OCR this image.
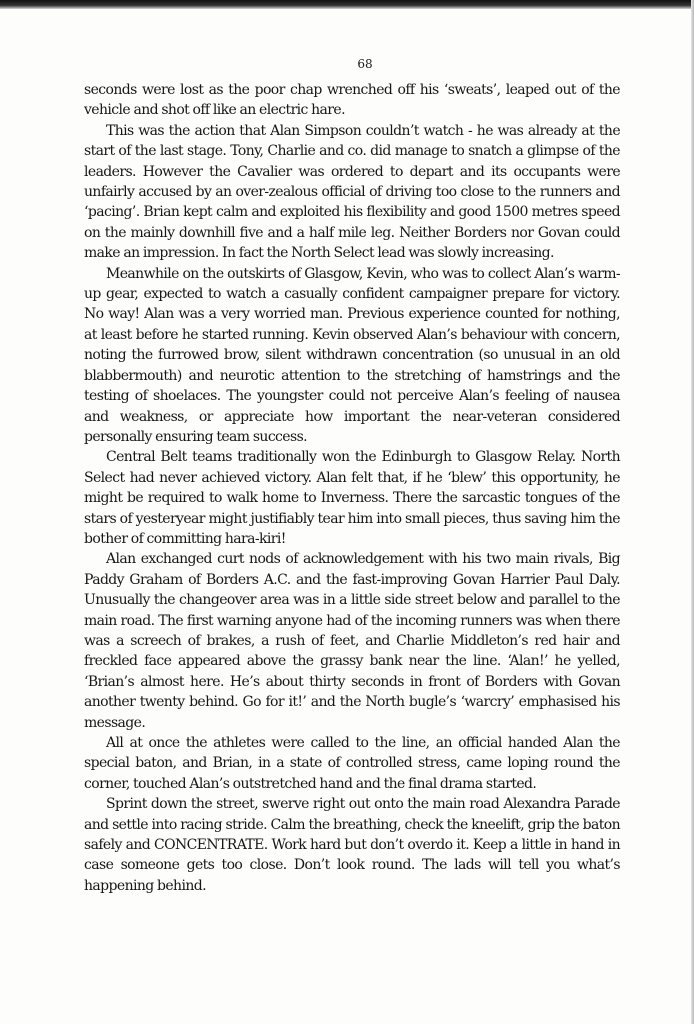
68

seconds were lost as the poor chap wrenched off his ‘sweats’, leaped out of the vehicle and shot off like an electric hare.

This was the action that Alan Simpson couldn’t watch - he was already at the start of the last stage. Tony, Charlie and co. did manage to snatch a glimpse of the leaders. However the Cavalier was ordered to depart and its occupants were unfairly accused by an over-zealous official of driving too close to the runners and ‘pacing’. Brian kept calm and exploited his flexibility and good 1500 metres speed on the mainly downhill five and a half mile leg. Neither Borders nor Govan could make an impression. In fact the North Select lead was slowly increasing.

Meanwhile on the outskirts of Glasgow, Kevin, who was to collect Alan’s warm-up gear, expected to watch a casually confident campaigner prepare for victory. No way! Alan was a very worried man. Previous experience counted for nothing, at least before he started running. Kevin observed Alan’s behaviour with concern, noting the furrowed brow, silent withdrawn concentration (so unusual in an old blabbermouth) and neurotic attention to the stretching of hamstrings and the testing of shoelaces. The youngster could not perceive Alan’s feeling of nausea and weakness, or appreciate how important the near-veteran considered personally ensuring team success.

Central Belt teams traditionally won the Edinburgh to Glasgow Relay. North Select had never achieved victory. Alan felt that, if he ‘blew’ this opportunity, he might be required to walk home to Inverness. There the sarcastic tongues of the stars of yesteryear might justifiably tear him into small pieces, thus saving him the bother of committing hara-kiri!

Alan exchanged curt nods of acknowledgement with his two main rivals, Big Paddy Graham of Borders A.C. and the fast-improving Govan Harrier Paul Daly. Unusually the changeover area was in a little side street below and parallel to the main road. The first warning anyone had of the incoming runners was when there was a screech of brakes, a rush of feet, and Charlie Middleton’s red hair and freckled face appeared above the grassy bank near the line. ‘Alan!’ he yelled, ‘Brian’s almost here. He’s about thirty seconds in front of Borders with Govan another twenty behind. Go for it!’ and the North bugle’s ‘warcry’ emphasised his message.

All at once the athletes were called to the line, an official handed Alan the special baton, and Brian, in a state of controlled stress, came loping round the corner, touched Alan’s outstretched hand and the final drama started.

Sprint down the street, swerve right out onto the main road Alexandra Parade and settle into racing stride. Calm the breathing, check the kneelift, grip the baton safely and CONCENTRATE. Work hard but don’t overdo it. Keep a little in hand in case someone gets too close. Don’t look round. The lads will tell you what’s happening behind.
